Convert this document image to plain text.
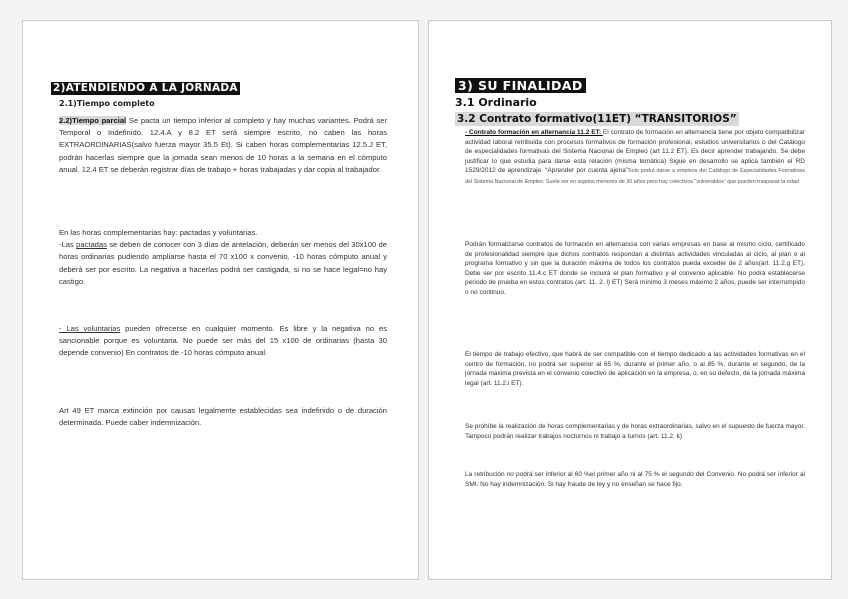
2)ATENDIENDO A LA JORNADA
2.1)Tiempo completo
2.2)Tiempo parcial Se pacta un tiempo inferior al completo y hay muchas variantes. Podrá ser Temporal o Indefinido. 12.4.A y 8.2 ET será siempre escrito, no caben las horas EXTRAORDINARIAS(salvo fuerza mayor 35.5 Et). Si caben horas complementarias 12.5.J ET, podrán hacerlas siempre que la jornada sean menos de 10 horas a la semana en el cómputo anual. 12.4 ET se deberán registrar días de trabajo + horas trabajadas y dar copia al trabajador.
En las horas complementarias hay: pactadas y voluntarias.
-Las pactadas se deben de conocer con 3 días de antelación, deberán ser menos del 30x100 de horas ordinarias pudiendo ampliarse hasta el 70 x100 x convenio. -10 horas cómputo anual y deberá ser por escrito. La negativa a hacerlas podrá ser castigada, si no se hace legal=no hay castigo.
- Las voluntarias pueden ofrecerse en cualquier momento. Es libre y la negativa no es sancionable porque es voluntaria. No puede ser más del 15 x100 de ordinarias (hasta 30 depende convenio) En contratos de -10 horas cómputo anual.
Art 49 ET marca extinción por causas legalmente establecidas sea indefinido o de duración determinada. Puede caber indemnización.
3) SU FINALIDAD
3.1 Ordinario
3.2 Contrato formativo(11ET) “TRANSITORIOS”
- Contrato formación en alternancia 11.2 ET: El contrato de formación en alternancia tiene por objeto compatibilizar actividad laboral retribuida con procesos formativos de formación profesional, estudios universitarios o del Catálogo de especialidades formativas del Sistema Nacional de Empleo (art 11.2 ET). Es decir aprender trabajando. Se debe justificar lo que estudia para darse esta relación (misma temática) Sigue en desarrollo se aplica también el RD 1529/2012 de aprendizaje. “Aprender por cuenta ajena”Solo podrá darse a empleos del Catálogo de Especialidades Formativas del Sistema Nacional de Empleo. Suele ser en sujetos menores de 30 años pero hay colectivos “vulnerables” que pueden traspasar la edad
Podrán formalizarse contratos de formación en alternancia con varias empresas en base al mismo ciclo, certificado de profesionalidad siempre que dichos contratos respondan a distintas actividades vinculadas al ciclo, al plan o al programa formativo y sin que la duración máxima de todos los contratos pueda exceder de 2 años(art. 11.2.g ET). Debe ser por escrito 11.4.c ET donde se incluirá el plan formativo y el convenio aplicable. No podrá establecerse periodo de prueba en estos contratos (art. 11. 2. l) ET) Será mínimo 3 meses máximo 2 años, puede ser interrumpido o no continuo.
El tiempo de trabajo efectivo, que habrá de ser compatible con el tiempo dedicado a las actividades formativas en el centro de formación, no podrá ser superior al 65 %, durante el primer año, o al 85 %, durante el segundo, de la jornada máxima prevista en el convenio colectivo de aplicación en la empresa, o, en su defecto, de la jornada máxima legal (art. 11.2.i ET).
Se prohíbe la realización de horas complementarias y de horas extraordinarias, salvo en el supuesto de fuerza mayor. Tampoco podrán realizar trabajos nocturnos ni trabajo a turnos (art. 11.2. k)
La retribución no podrá ser inferior al 60 %el primer año ni al 75 % el segundo del Convenio. No podrá ser inferior al SMI. No hay indemnización. Si hay fraude de ley y no enseñan se hace fijo.
